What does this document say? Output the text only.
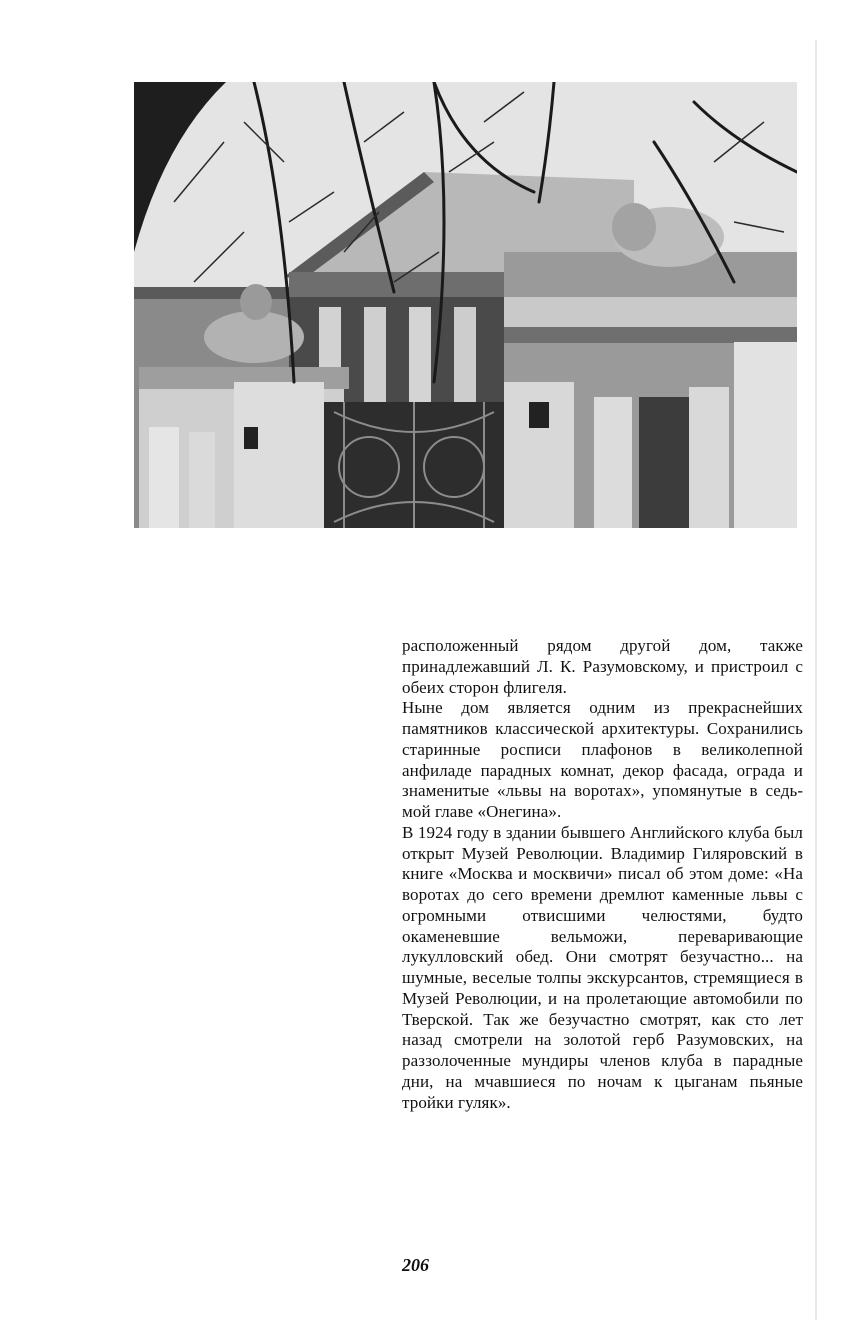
расположенный рядом другой дом, также принадлежавший Л. К. Разумовскому, и пристроил с обеих сторон флигеля.

Ныне дом является одним из прекраснейших памятников классической архитектуры. Сохранились старинные росписи плафонов в великолепной анфиладе парадных комнат, декор фасада, ограда и знаменитые «львы на воротах», упомянутые в седьмой главе «Онегина».

В 1924 году в здании бывшего Английского клуба был открыт Музей Революции. Владимир Гиляровский в книге «Москва и москвичи» писал об этом доме: «На воротах до сего времени дремлют каменные львы с огромными отвисшими челюстями, будто окаменевшие вельможи, переваривающие лукулловский обед. Они смотрят безучастно... на шумные, веселые толпы экскурсантов, стремящиеся в Музей Революции, и на пролетающие автомобили по Тверской. Так же безучастно смотрят, как сто лет назад смотрели на золотой герб Разумовских, на раззолоченные мундиры членов клуба в парадные дни, на мчавшиеся по ночам к цыганам пьяные тройки гуляк».

206
